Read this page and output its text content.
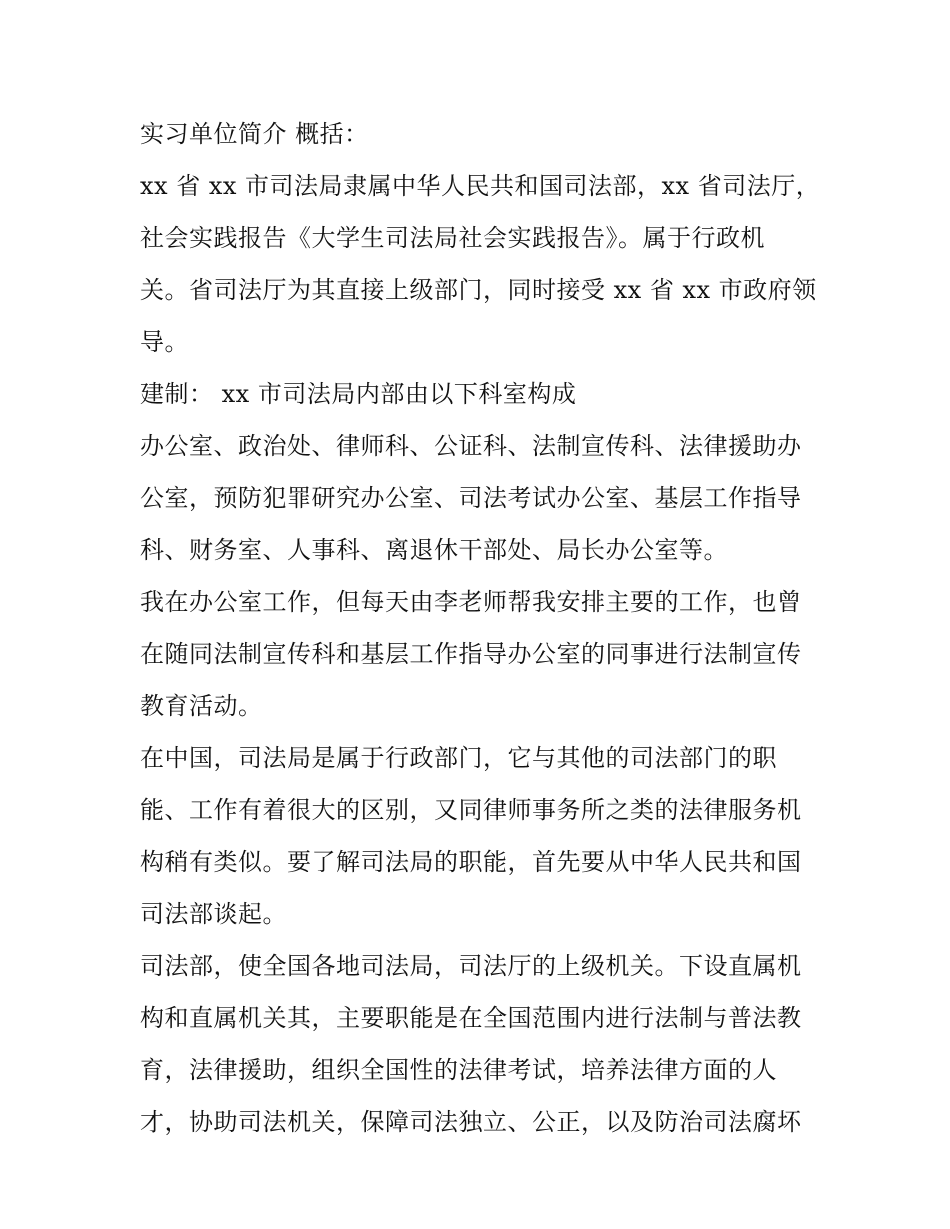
实习单位简介 概括：
xx 省 xx 市司法局隶属中华人民共和国司法部，xx 省司法厅，
社会实践报告《大学生司法局社会实践报告》。属于行政机
关。省司法厅为其直接上级部门，同时接受 xx 省 xx 市政府领
导。
建制： xx 市司法局内部由以下科室构成
办公室、政治处、律师科、公证科、法制宣传科、法律援助办
公室，预防犯罪研究办公室、司法考试办公室、基层工作指导
科、财务室、人事科、离退休干部处、局长办公室等。
我在办公室工作，但每天由李老师帮我安排主要的工作，也曾
在随同法制宣传科和基层工作指导办公室的同事进行法制宣传
教育活动。
在中国，司法局是属于行政部门，它与其他的司法部门的职
能、工作有着很大的区别，又同律师事务所之类的法律服务机
构稍有类似。要了解司法局的职能，首先要从中华人民共和国
司法部谈起。
司法部，使全国各地司法局，司法厅的上级机关。下设直属机
构和直属机关其，主要职能是在全国范围内进行法制与普法教
育，法律援助，组织全国性的法律考试，培养法律方面的人
才，协助司法机关，保障司法独立、公正，以及防治司法腐坏
